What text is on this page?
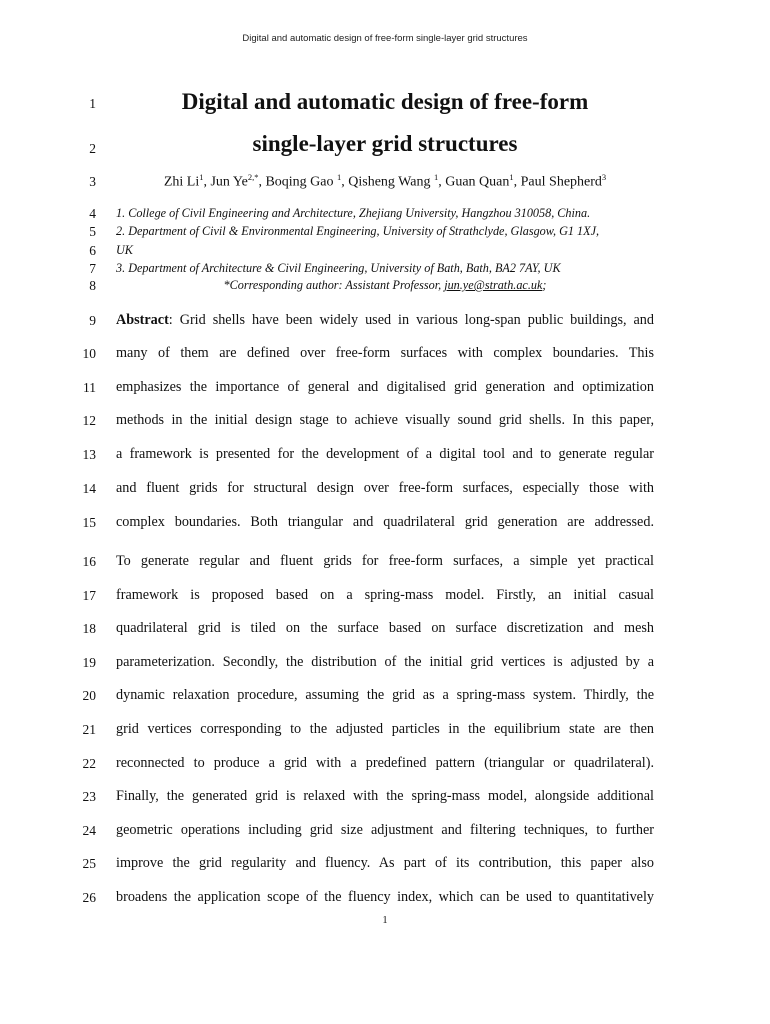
Digital and automatic design of free-form single-layer grid structures
1
2
3
4
5
6
7
8
9
10
11
12
13
14
15
16
17
18
19
20
21
22
23
24
25
26
Digital and automatic design of free-form
single-layer grid structures
Zhi Li$^1$, Jun $Ye^{2,*}$, Boqing Gao $^1$, Qisheng Wang $^1$, Guan Quan$^1$, Paul Shepherd$^3$
1. College of Civil Engineering and Architecture, Zhejiang University, Hangzhou 310058, China.
2. Department of Civil & Environmental Engineering, University of Strathclyde, Glasgow, G1 1XJ,
UK
3. Department of Architecture & Civil Engineering, University of Bath, Bath, BA2 7AY, UK
*Corresponding author: Assistant Professor, jun.ye@strath.ac.uk;
Abstract: Grid shells have been widely used in various long-span public buildings, and
many of them are defined over free-form surfaces with complex boundaries. This
emphasizes the importance of general and digitalised grid generation and optimization
methods in the initial design stage to achieve visually sound grid shells. In this paper,
a framework is presented for the development of a digital tool and to generate regular
and fluent grids for structural design over free-form surfaces, especially those with
complex boundaries. Both triangular and quadrilateral grid generation are addressed.
To generate regular and fluent grids for free-form surfaces, a simple yet practical
framework is proposed based on a spring-mass model. Firstly, an initial casual
quadrilateral grid is tiled on the surface based on surface discretization and mesh
parameterization. Secondly, the distribution of the initial grid vertices is adjusted by a
dynamic relaxation procedure, assuming the grid as a spring-mass system. Thirdly, the
grid vertices corresponding to the adjusted particles in the equilibrium state are then
reconnected to produce a grid with a predefined pattern (triangular or quadrilateral).
Finally, the generated grid is relaxed with the spring-mass model, alongside additional
geometric operations including grid size adjustment and filtering techniques, to further
improve the grid regularity and fluency. As part of its contribution, this paper also
broadens the application scope of the fluency index, which can be used to quantitatively
1
